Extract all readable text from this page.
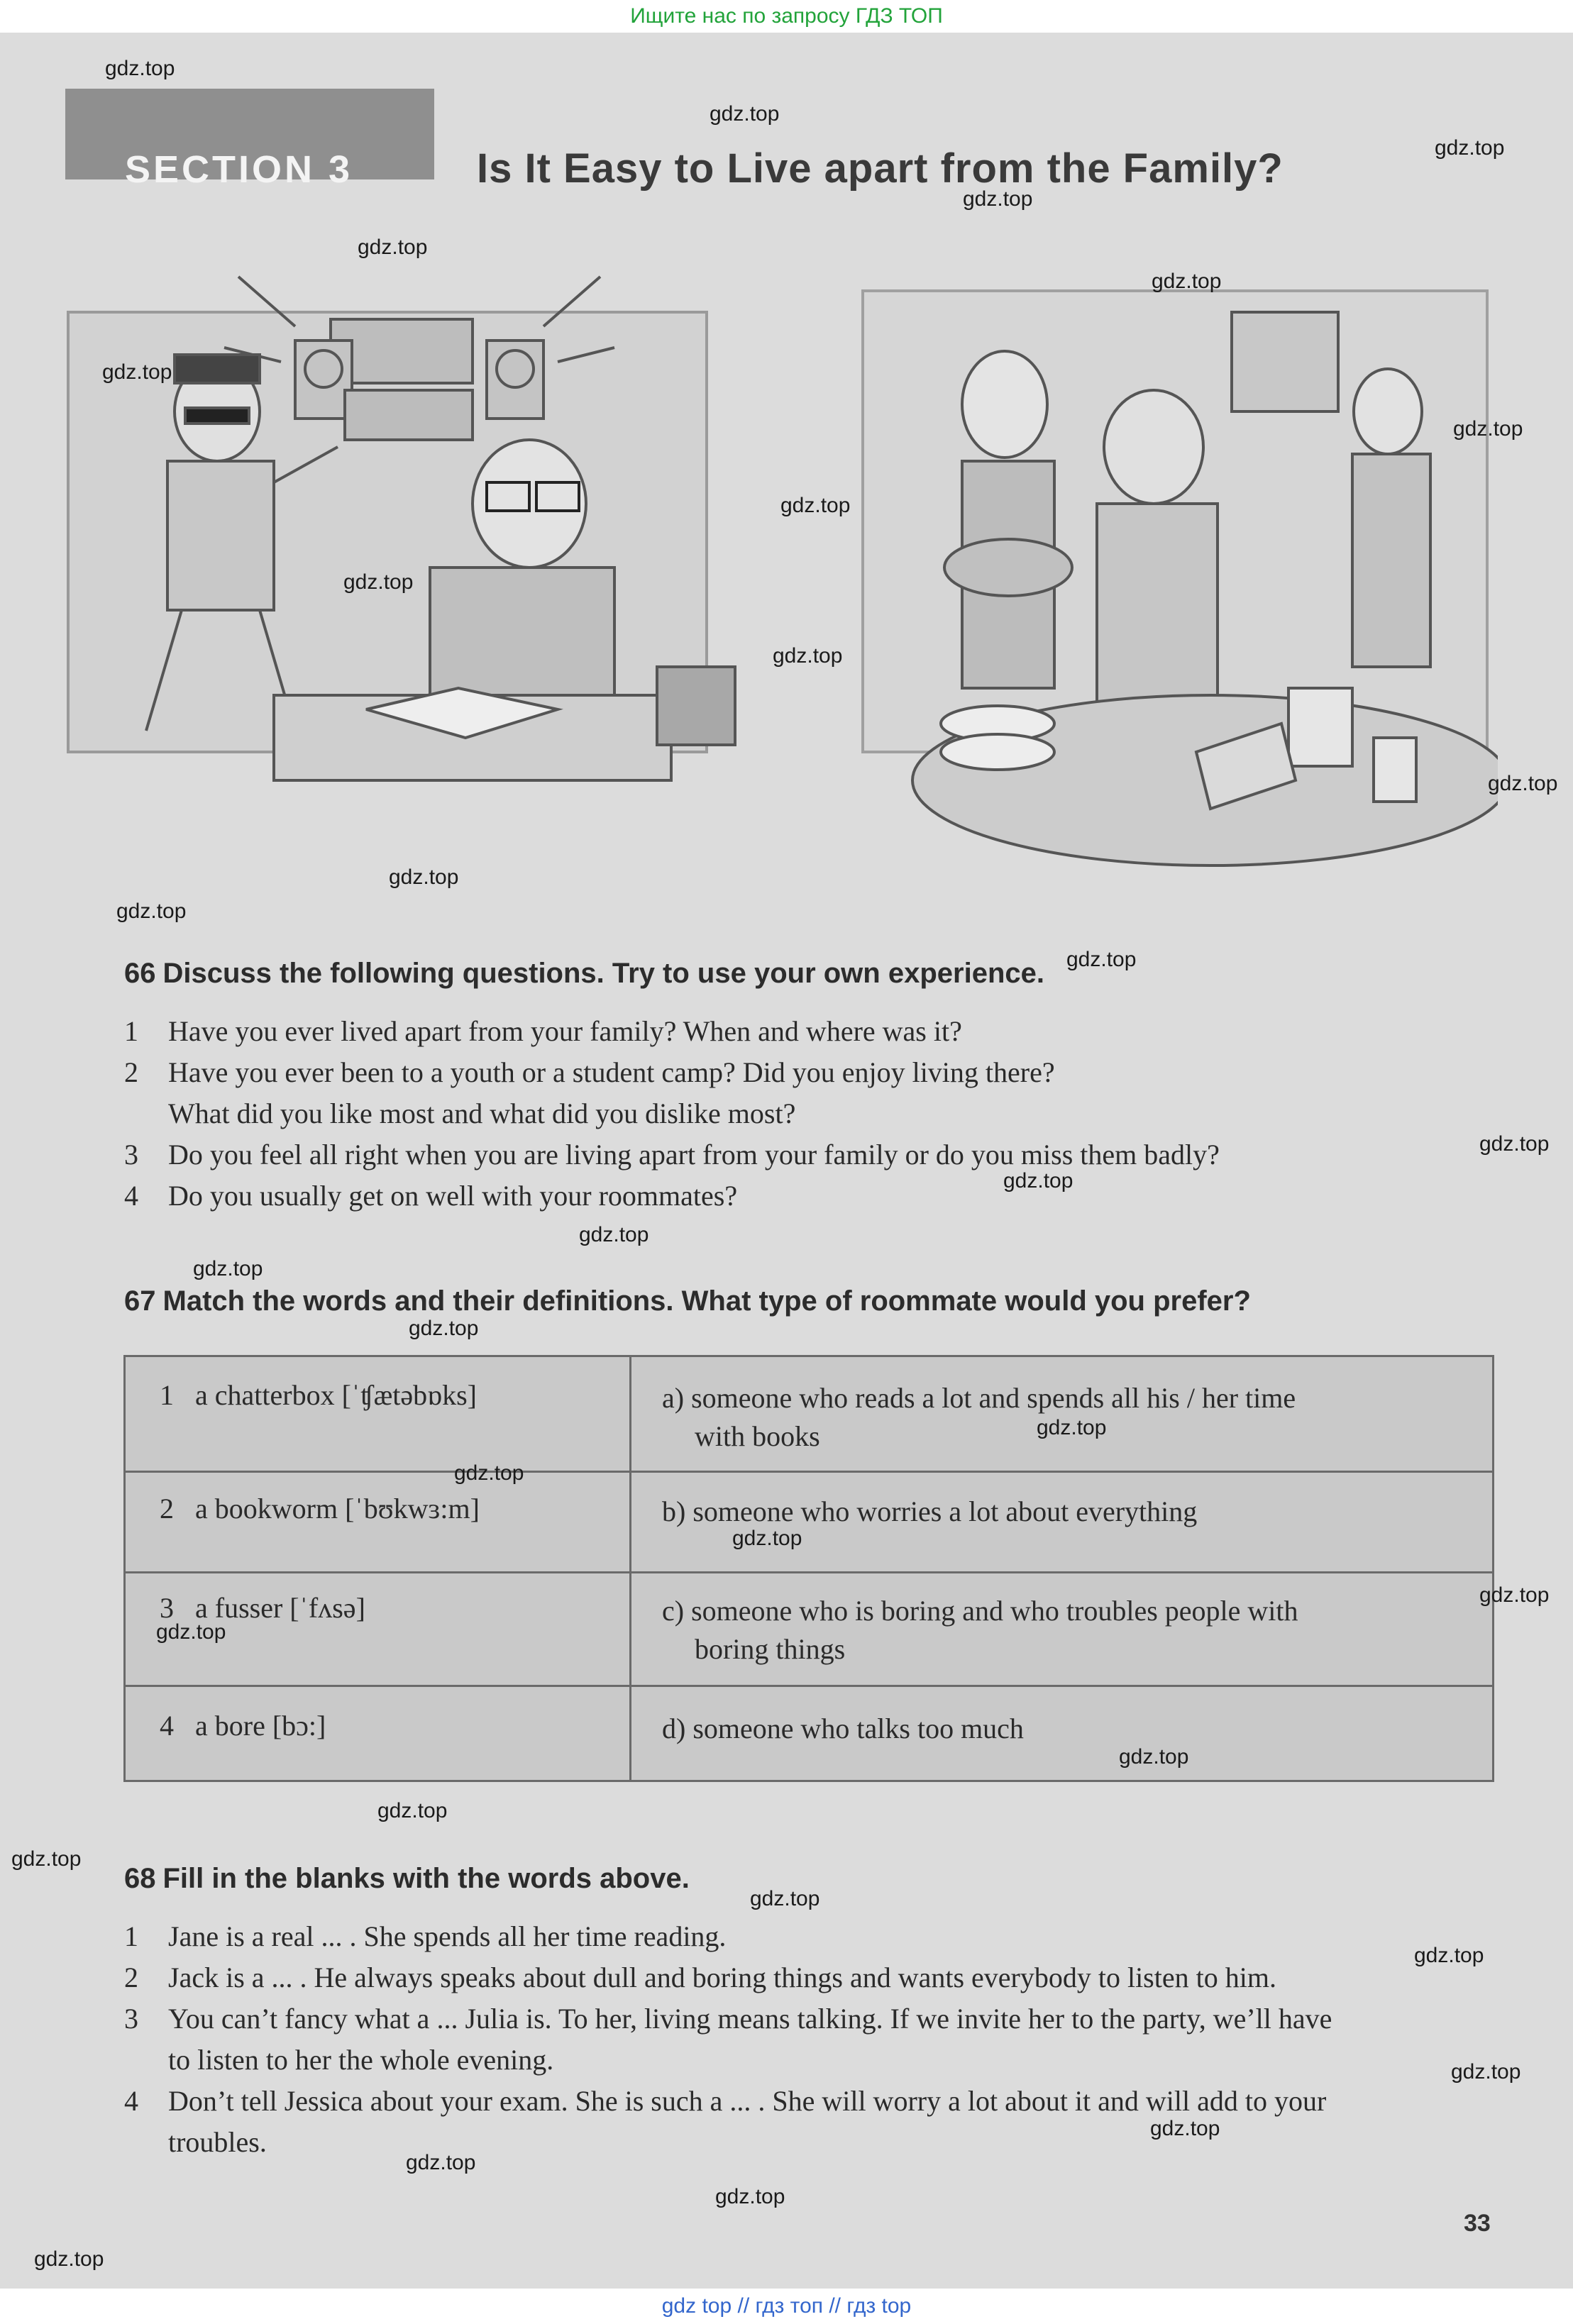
Ищите нас по запросу ГДЗ ТОП
SECTION 3	Is It Easy to Live apart from the Family?
66 Discuss the following questions. Try to use your own experience.
1 Have you ever lived apart from your family? When and where was it?
2 Have you ever been to a youth or a student camp? Did you enjoy living there?
What did you like most and what did you dislike most?
3 Do you feel all right when you are living apart from your family or do you miss them badly?
4 Do you usually get on well with your roommates?
67 Match the words and their definitions. What type of roommate would you prefer?
1 a chatterbox [ˈʧætəbɒks]	a) someone who reads a lot and spends all his / her time
with books
2 a bookworm [ˈbʊkwɜ:m]	b) someone who worries a lot about everything
3 a fusser [ˈfʌsə]	c) someone who is boring and who troubles people with
boring things
4 a bore [bɔ:]	d) someone who talks too much
68 Fill in the blanks with the words above.
1 Jane is a real ... . She spends all her time reading.
2 Jack is a ... . He always speaks about dull and boring things and wants everybody to listen to him.
3 You can’t fancy what a ... Julia is. To her, living means talking. If we invite her to the party, we’ll have
to listen to her the whole evening.
4 Don’t tell Jessica about your exam. She is such a ... . She will worry a lot about it and will add to your
troubles.
33
gdz.top
gdz.top
gdz.top
gdz.top
gdz.top
gdz.top
gdz.top
gdz.top
gdz.top
gdz.top
gdz.top
gdz.top
gdz.top
gdz.top
gdz.top
gdz.top
gdz.top
gdz.top
gdz.top
gdz.top
gdz.top
gdz.top
gdz.top
gdz.top
gdz.top
gdz.top
gdz.top
gdz.top
gdz.top
gdz.top
gdz.top
gdz.top
gdz.top
gdz.top
gdz.top
gdz top // гдз топ // гдз top
